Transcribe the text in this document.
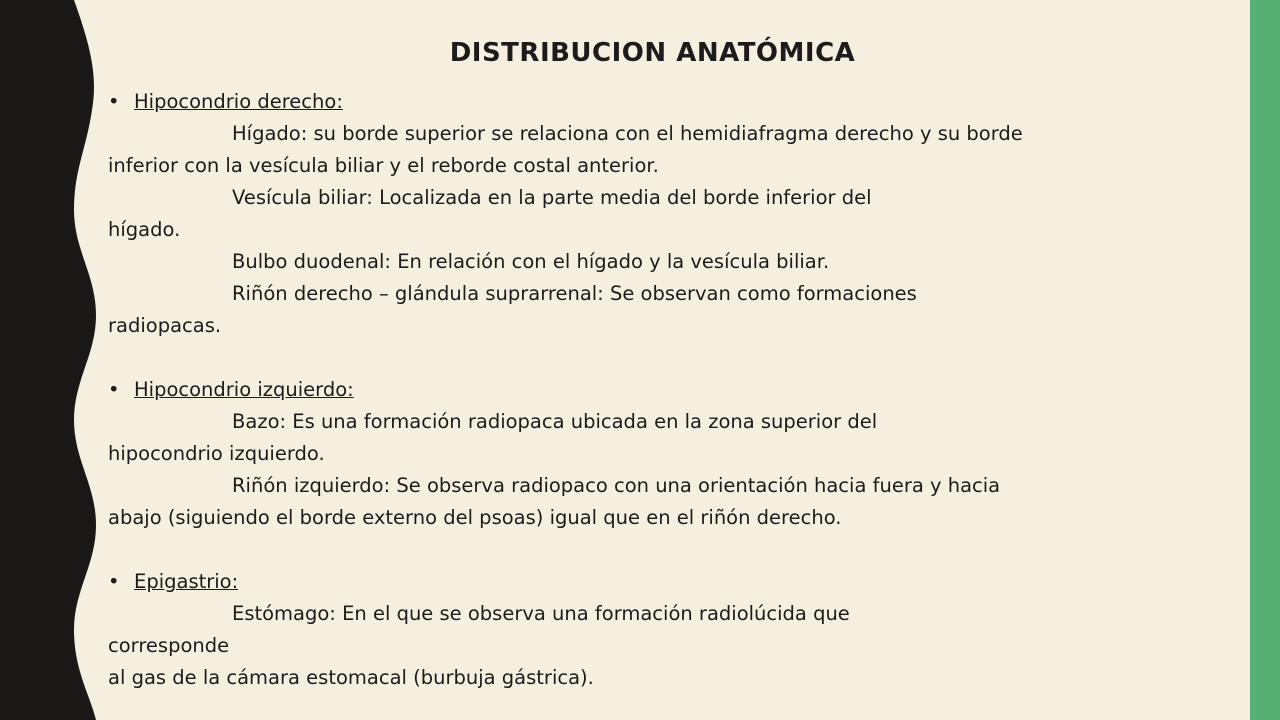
DISTRIBUCION ANATÓMICA
• Hipocondrio derecho:
Hígado: su borde superior se relaciona con el hemidiafragma derecho y su borde
inferior con la vesícula biliar y el reborde costal anterior.
Vesícula biliar: Localizada en la parte media del borde inferior del
hígado.
Bulbo duodenal: En relación con el hígado y la vesícula biliar.
Riñón derecho – glándula suprarrenal: Se observan como formaciones
radiopacas.
• Hipocondrio izquierdo:
Bazo: Es una formación radiopaca ubicada en la zona superior del
hipocondrio izquierdo.
Riñón izquierdo: Se observa radiopaco con una orientación hacia fuera y hacia
abajo (siguiendo el borde externo del psoas) igual que en el riñón derecho.
• Epigastrio:
Estómago: En el que se observa una formación radiolúcida que
corresponde
al gas de la cámara estomacal (burbuja gástrica).
